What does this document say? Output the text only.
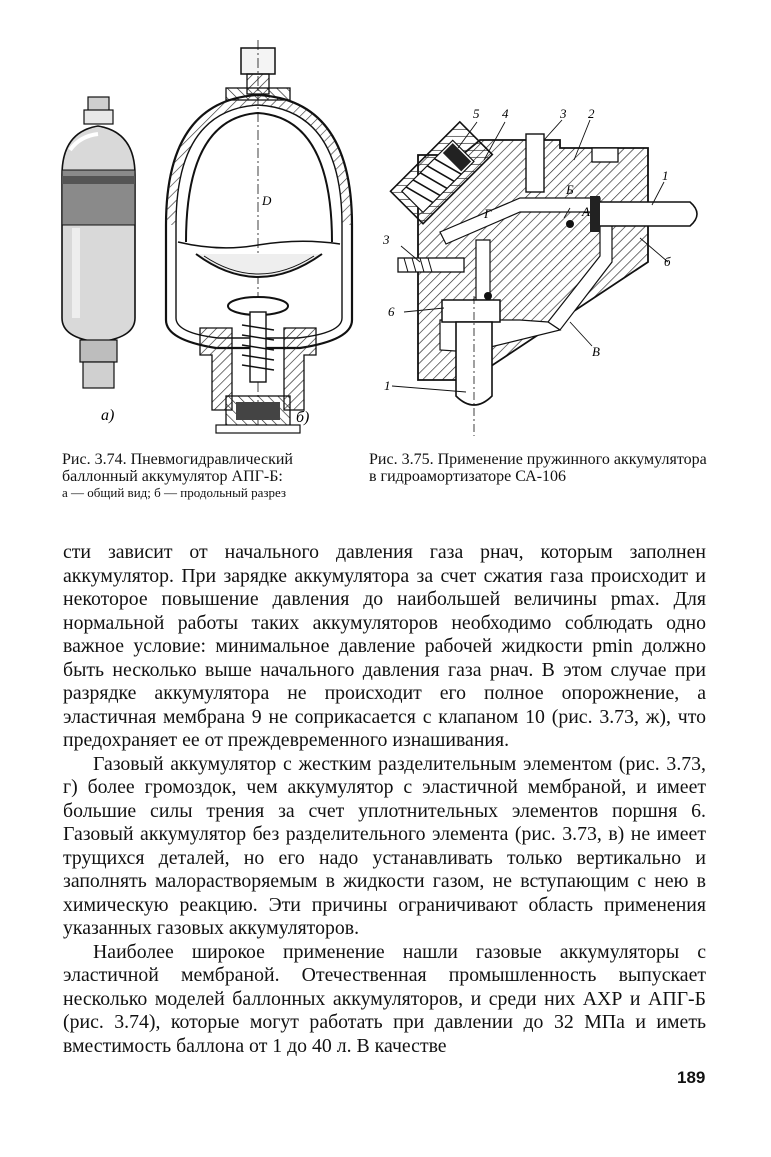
а)
D
б)
5 4	3 2
1
Б
А
Г
б
3
6
В
1
Рис. 3.74. Пневмогидравлический баллонный аккумулятор АПГ-Б:
а — общий вид; б — продольный разрез
Рис. 3.75. Применение пружинного аккумулятора в гидроамортизаторе СА-106

сти зависит от начального давления газа pнач, которым заполнен аккумулятор. При зарядке аккумулятора за счет сжатия газа происходит и некоторое повышение давления до наибольшей величины pmax. Для нормальной работы таких аккумуляторов необходимо соблюдать одно важное условие: минимальное давление рабочей жидкости pmin должно быть несколько выше начального давления газа pнач. В этом случае при разрядке аккумулятора не происходит его полное опорожнение, а эластичная мембрана 9 не соприкасается с клапаном 10 (рис. 3.73, ж), что предохраняет ее от преждевременного изнашивания.

Газовый аккумулятор с жестким разделительным элементом (рис. 3.73, г) более громоздок, чем аккумулятор с эластичной мембраной, и имеет большие силы трения за счет уплотнительных элементов поршня 6. Газовый аккумулятор без разделительного элемента (рис. 3.73, в) не имеет трущихся деталей, но его надо устанавливать только вертикально и заполнять малорастворяемым в жидкости газом, не вступающим с нею в химическую реакцию. Эти причины ограничивают область применения указанных газовых аккумуляторов.

Наиболее широкое применение нашли газовые аккумуляторы с эластичной мембраной. Отечественная промышленность выпускает несколько моделей баллонных аккумуляторов, и среди них АХР и АПГ-Б (рис. 3.74), которые могут работать при давлении до 32 МПа и иметь вместимость баллона от 1 до 40 л. В качестве

189
